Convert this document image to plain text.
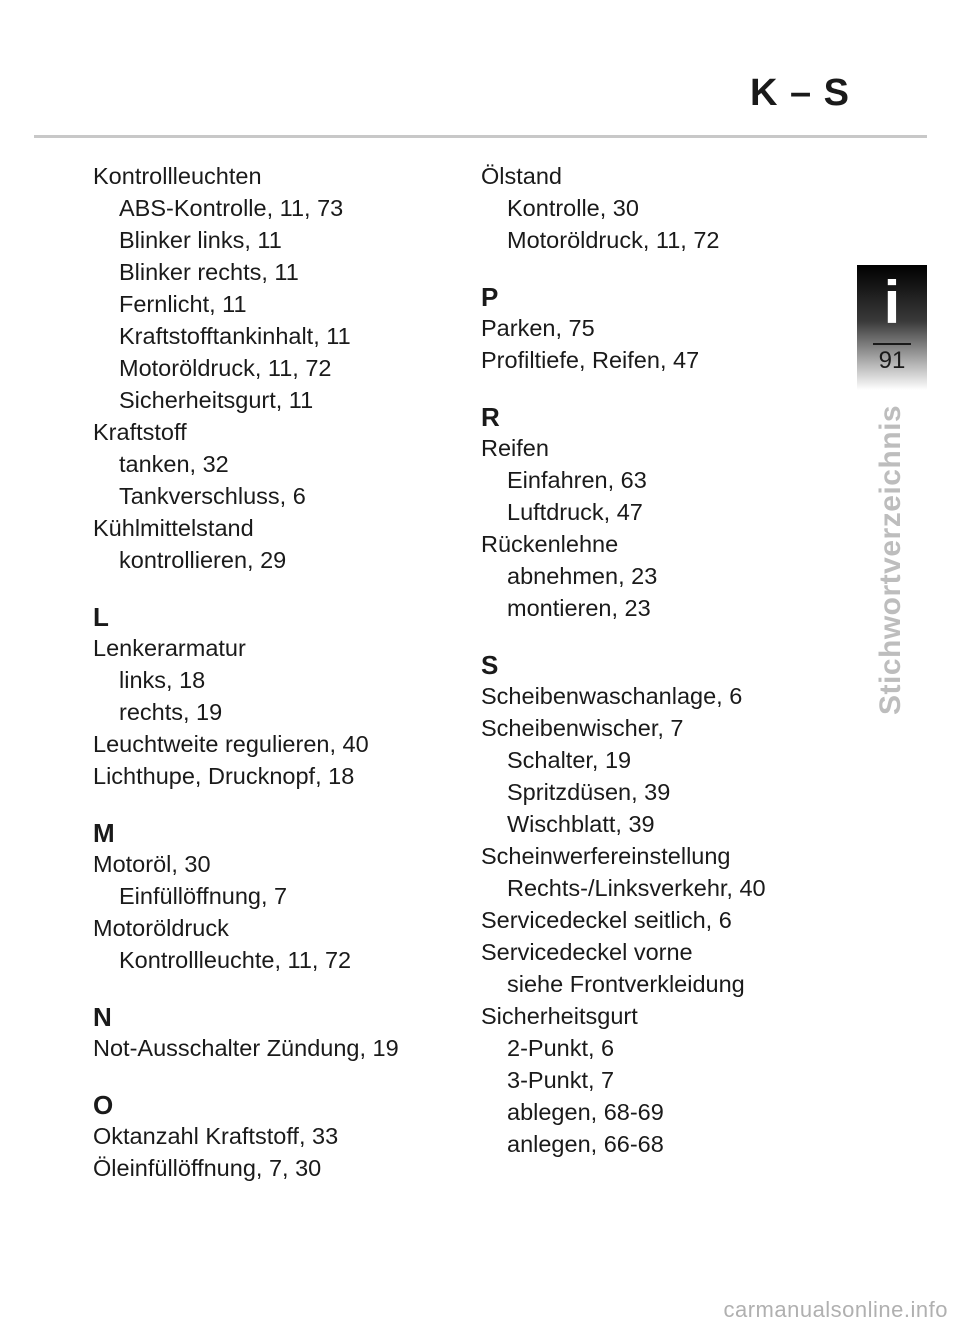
K – S
i
91
Stichwortverzeichnis
Kontrollleuchten
ABS-Kontrolle, 11, 73
Blinker links, 11
Blinker rechts, 11
Fernlicht, 11
Kraftstofftankinhalt, 11
Motoröldruck, 11, 72
Sicherheitsgurt, 11
Kraftstoff
tanken, 32
Tankverschluss, 6
Kühlmittelstand
kontrollieren, 29
L
Lenkerarmatur
links, 18
rechts, 19
Leuchtweite regulieren, 40
Lichthupe, Drucknopf, 18
M
Motoröl, 30
Einfüllöffnung, 7
Motoröldruck
Kontrollleuchte, 11, 72
N
Not-Ausschalter Zündung, 19
O
Oktanzahl Kraftstoff, 33
Öleinfüllöffnung, 7, 30
Ölstand
Kontrolle, 30
Motoröldruck, 11, 72
P
Parken, 75
Profiltiefe, Reifen, 47
R
Reifen
Einfahren, 63
Luftdruck, 47
Rückenlehne
abnehmen, 23
montieren, 23
S
Scheibenwaschanlage, 6
Scheibenwischer, 7
Schalter, 19
Spritzdüsen, 39
Wischblatt, 39
Scheinwerfereinstellung
Rechts-/Linksverkehr, 40
Servicedeckel seitlich, 6
Servicedeckel vorne
siehe Frontverkleidung
Sicherheitsgurt
2-Punkt, 6
3-Punkt, 7
ablegen, 68-69
anlegen, 66-68
carmanualsonline.info
